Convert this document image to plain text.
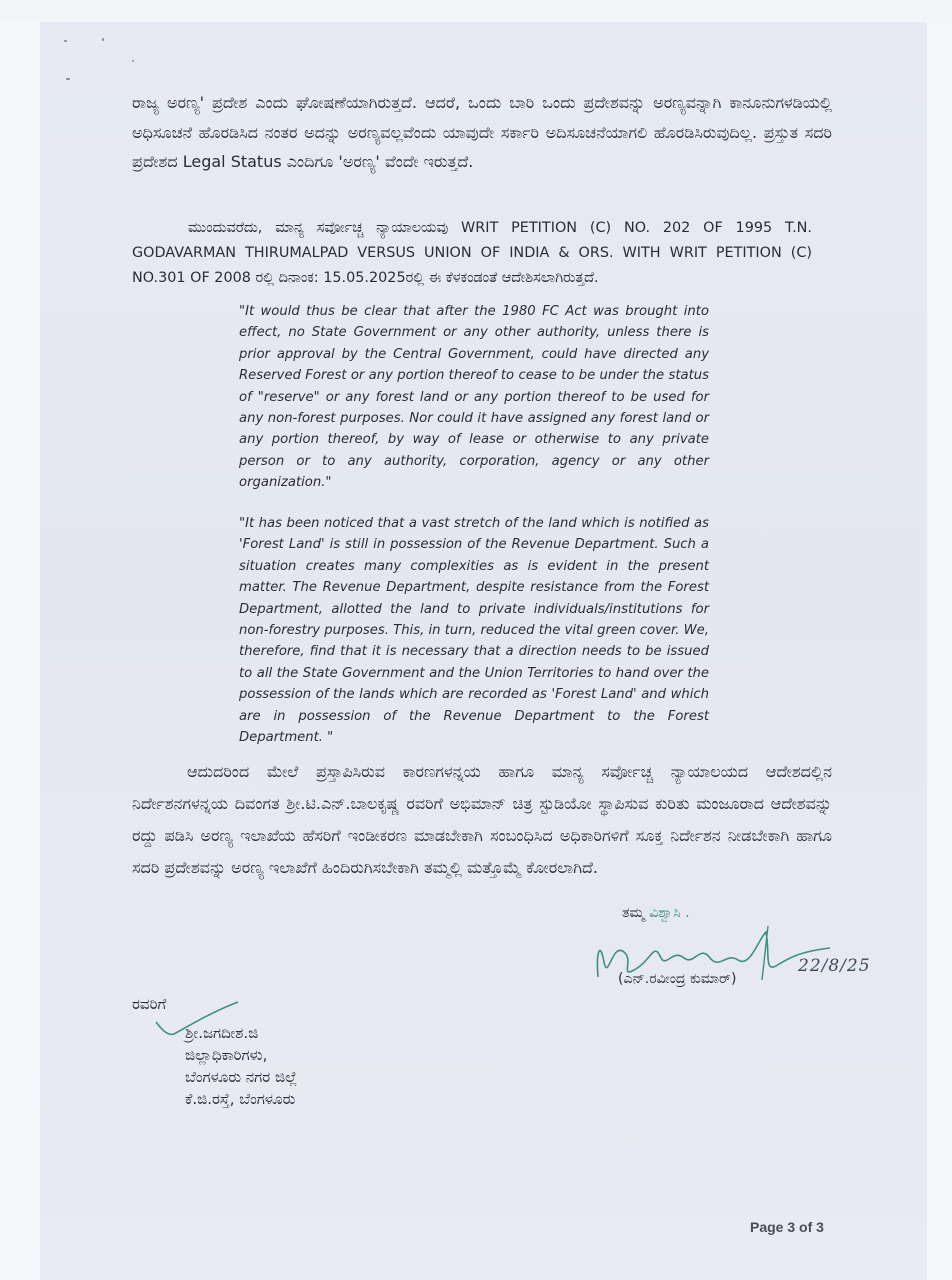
ರಾಜ್ಯ ಅರಣ್ಯ' ಪ್ರದೇಶ ಎಂದು ಘೋಷಣೆಯಾಗಿರುತ್ತದೆ. ಆದರೆ, ಒಂದು ಬಾರಿ ಒಂದು ಪ್ರದೇಶವನ್ನು ಅರಣ್ಯವನ್ನಾಗಿ ಕಾನೂನುಗಳಡಿಯಲ್ಲಿ ಅಧಿಸೂಚನೆ ಹೊರಡಿಸಿದ ನಂತರ ಅದನ್ನು ಅರಣ್ಯವಲ್ಲವೆಂದು ಯಾವುದೇ ಸರ್ಕಾರಿ ಅದಿಸೂಚನೆಯಾಗಲಿ ಹೊರಡಿಸಿರುವುದಿಲ್ಲ. ಪ್ರಸ್ತುತ ಸದರಿ ಪ್ರದೇಶದ Legal Status ಎಂದಿಗೂ 'ಅರಣ್ಯ' ವೆಂದೇ ಇರುತ್ತದೆ.

ಮುಂದುವರೆದು, ಮಾನ್ಯ ಸರ್ವೋಚ್ಚ ನ್ಯಾಯಾಲಯವು WRIT PETITION (C) NO. 202 OF 1995 T.N. GODAVARMAN THIRUMALPAD VERSUS UNION OF INDIA & ORS. WITH WRIT PETITION (C) NO.301 OF 2008 ರಲ್ಲಿ ದಿನಾಂಕ: 15.05.2025ರಲ್ಲಿ ಈ ಕೆಳಕಂಡಂತೆ ಆದೇಶಿಸಲಾಗಿರುತ್ತದೆ.

"It would thus be clear that after the 1980 FC Act was brought into effect, no State Government or any other authority, unless there is prior approval by the Central Government, could have directed any Reserved Forest or any portion thereof to cease to be under the status of "reserve" or any forest land or any portion thereof to be used for any non-forest purposes. Nor could it have assigned any forest land or any portion thereof, by way of lease or otherwise to any private person or to any authority, corporation, agency or any other organization."

"It has been noticed that a vast stretch of the land which is notified as 'Forest Land' is still in possession of the Revenue Department. Such a situation creates many complexities as is evident in the present matter. The Revenue Department, despite resistance from the Forest Department, allotted the land to private individuals/institutions for non-forestry purposes. This, in turn, reduced the vital green cover. We, therefore, find that it is necessary that a direction needs to be issued to all the State Government and the Union Territories to hand over the possession of the lands which are recorded as 'Forest Land' and which are in possession of the Revenue Department to the Forest Department. "

ಆದುದರಿಂದ ಮೇಲೆ ಪ್ರಸ್ತಾಪಿಸಿರುವ ಕಾರಣಗಳನ್ನಯ ಹಾಗೂ ಮಾನ್ಯ ಸರ್ವೋಚ್ಚ ನ್ಯಾಯಾಲಯದ ಆದೇಶದಲ್ಲಿನ ನಿರ್ದೇಶನಗಳನ್ನಯ ದಿವಂಗತ ಶ್ರೀ.ಟಿ.ಎನ್.ಬಾಲಕೃಷ್ಣ ರವರಿಗೆ ಅಭಿಮಾನ್ ಚಿತ್ರ ಸ್ಟುಡಿಯೋ ಸ್ಥಾಪಿಸುವ ಕುರಿತು ಮಂಜೂರಾದ ಆದೇಶವನ್ನು ರದ್ದು ಪಡಿಸಿ ಅರಣ್ಯ ಇಲಾಖೆಯ ಹೆಸರಿಗೆ ಇಂಡೀಕರಣ ಮಾಡಬೇಕಾಗಿ ಸಂಬಂಧಿಸಿದ ಅಧಿಕಾರಿಗಳಿಗೆ ಸೂಕ್ತ ನಿರ್ದೇಶನ ನೀಡಬೇಕಾಗಿ ಹಾಗೂ ಸದರಿ ಪ್ರದೇಶವನ್ನು ಅರಣ್ಯ ಇಲಾಖೆಗೆ ಹಿಂದಿರುಗಿಸಬೇಕಾಗಿ ತಮ್ಮಲ್ಲಿ ಮತ್ತೊಮ್ಮೆ ಕೋರಲಾಗಿದೆ.

ತಮ್ಮ ವಿಶ್ವಾಸಿ .
(ಎನ್.ರವೀಂದ್ರ ಕುಮಾರ್)
22/8/25
ರವರಿಗೆ
ಶ್ರೀ.ಜಗದೀಶ.ಜಿ
ಜಿಲ್ಲಾಧಿಕಾರಿಗಳು,
ಬೆಂಗಳೂರು ನಗರ ಜಿಲ್ಲೆ
ಕೆ.ಜಿ.ರಸ್ತೆ, ಬೆಂಗಳೂರು
Page 3 of 3
